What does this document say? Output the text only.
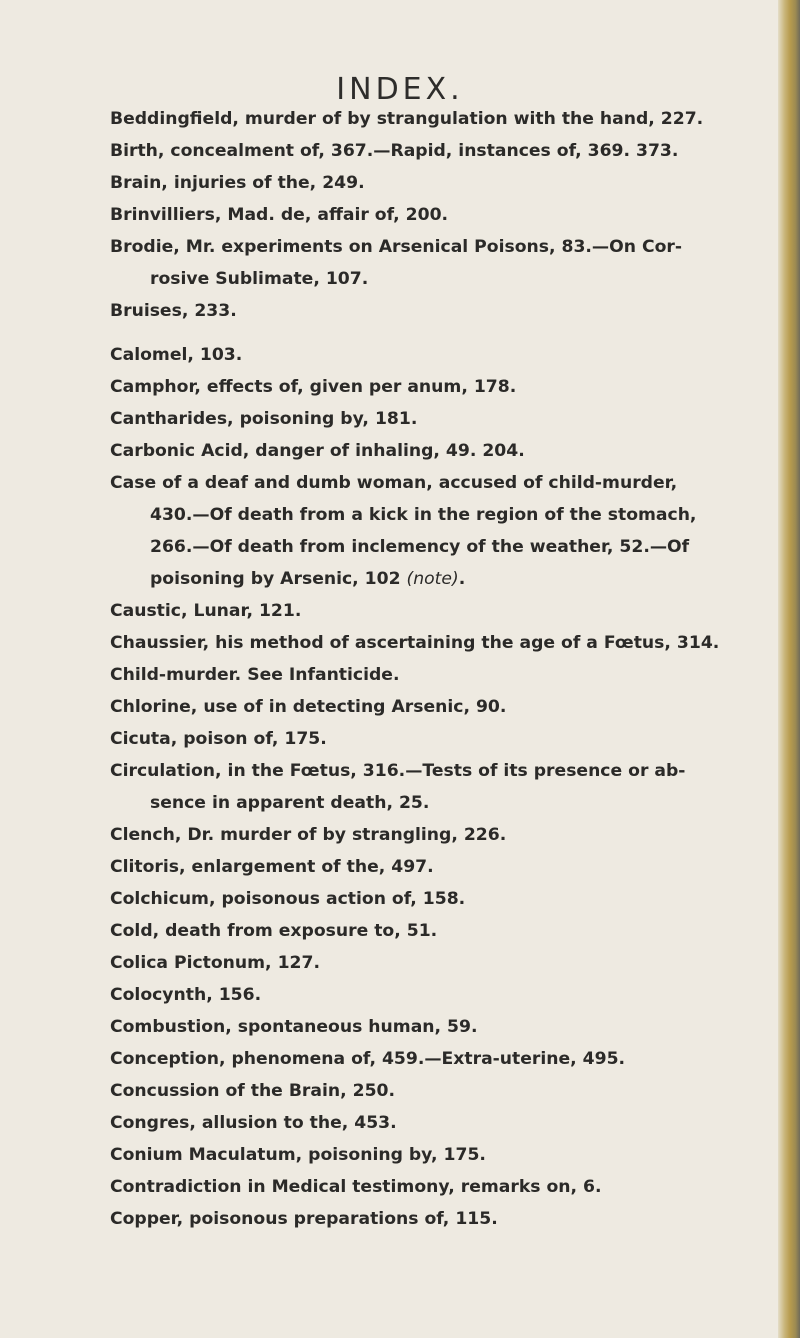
INDEX.
Beddingfield, murder of by strangulation with the hand, 227.
Birth, concealment of, 367.—Rapid, instances of, 369. 373.
Brain, injuries of the, 249.
Brinvilliers, Mad. de, affair of, 200.
Brodie, Mr. experiments on Arsenical Poisons, 83.—On Cor-
rosive Sublimate, 107.
Bruises, 233.
Calomel, 103.
Camphor, effects of, given per anum, 178.
Cantharides, poisoning by, 181.
Carbonic Acid, danger of inhaling, 49. 204.
Case of a deaf and dumb woman, accused of child-murder,
430.—Of death from a kick in the region of the stomach,
266.—Of death from inclemency of the weather, 52.—Of
poisoning by Arsenic, 102 (note).
Caustic, Lunar, 121.
Chaussier, his method of ascertaining the age of a Fœtus, 314.
Child-murder. See Infanticide.
Chlorine, use of in detecting Arsenic, 90.
Cicuta, poison of, 175.
Circulation, in the Fœtus, 316.—Tests of its presence or ab-
sence in apparent death, 25.
Clench, Dr. murder of by strangling, 226.
Clitoris, enlargement of the, 497.
Colchicum, poisonous action of, 158.
Cold, death from exposure to, 51.
Colica Pictonum, 127.
Colocynth, 156.
Combustion, spontaneous human, 59.
Conception, phenomena of, 459.—Extra-uterine, 495.
Concussion of the Brain, 250.
Congres, allusion to the, 453.
Conium Maculatum, poisoning by, 175.
Contradiction in Medical testimony, remarks on, 6.
Copper, poisonous preparations of, 115.
